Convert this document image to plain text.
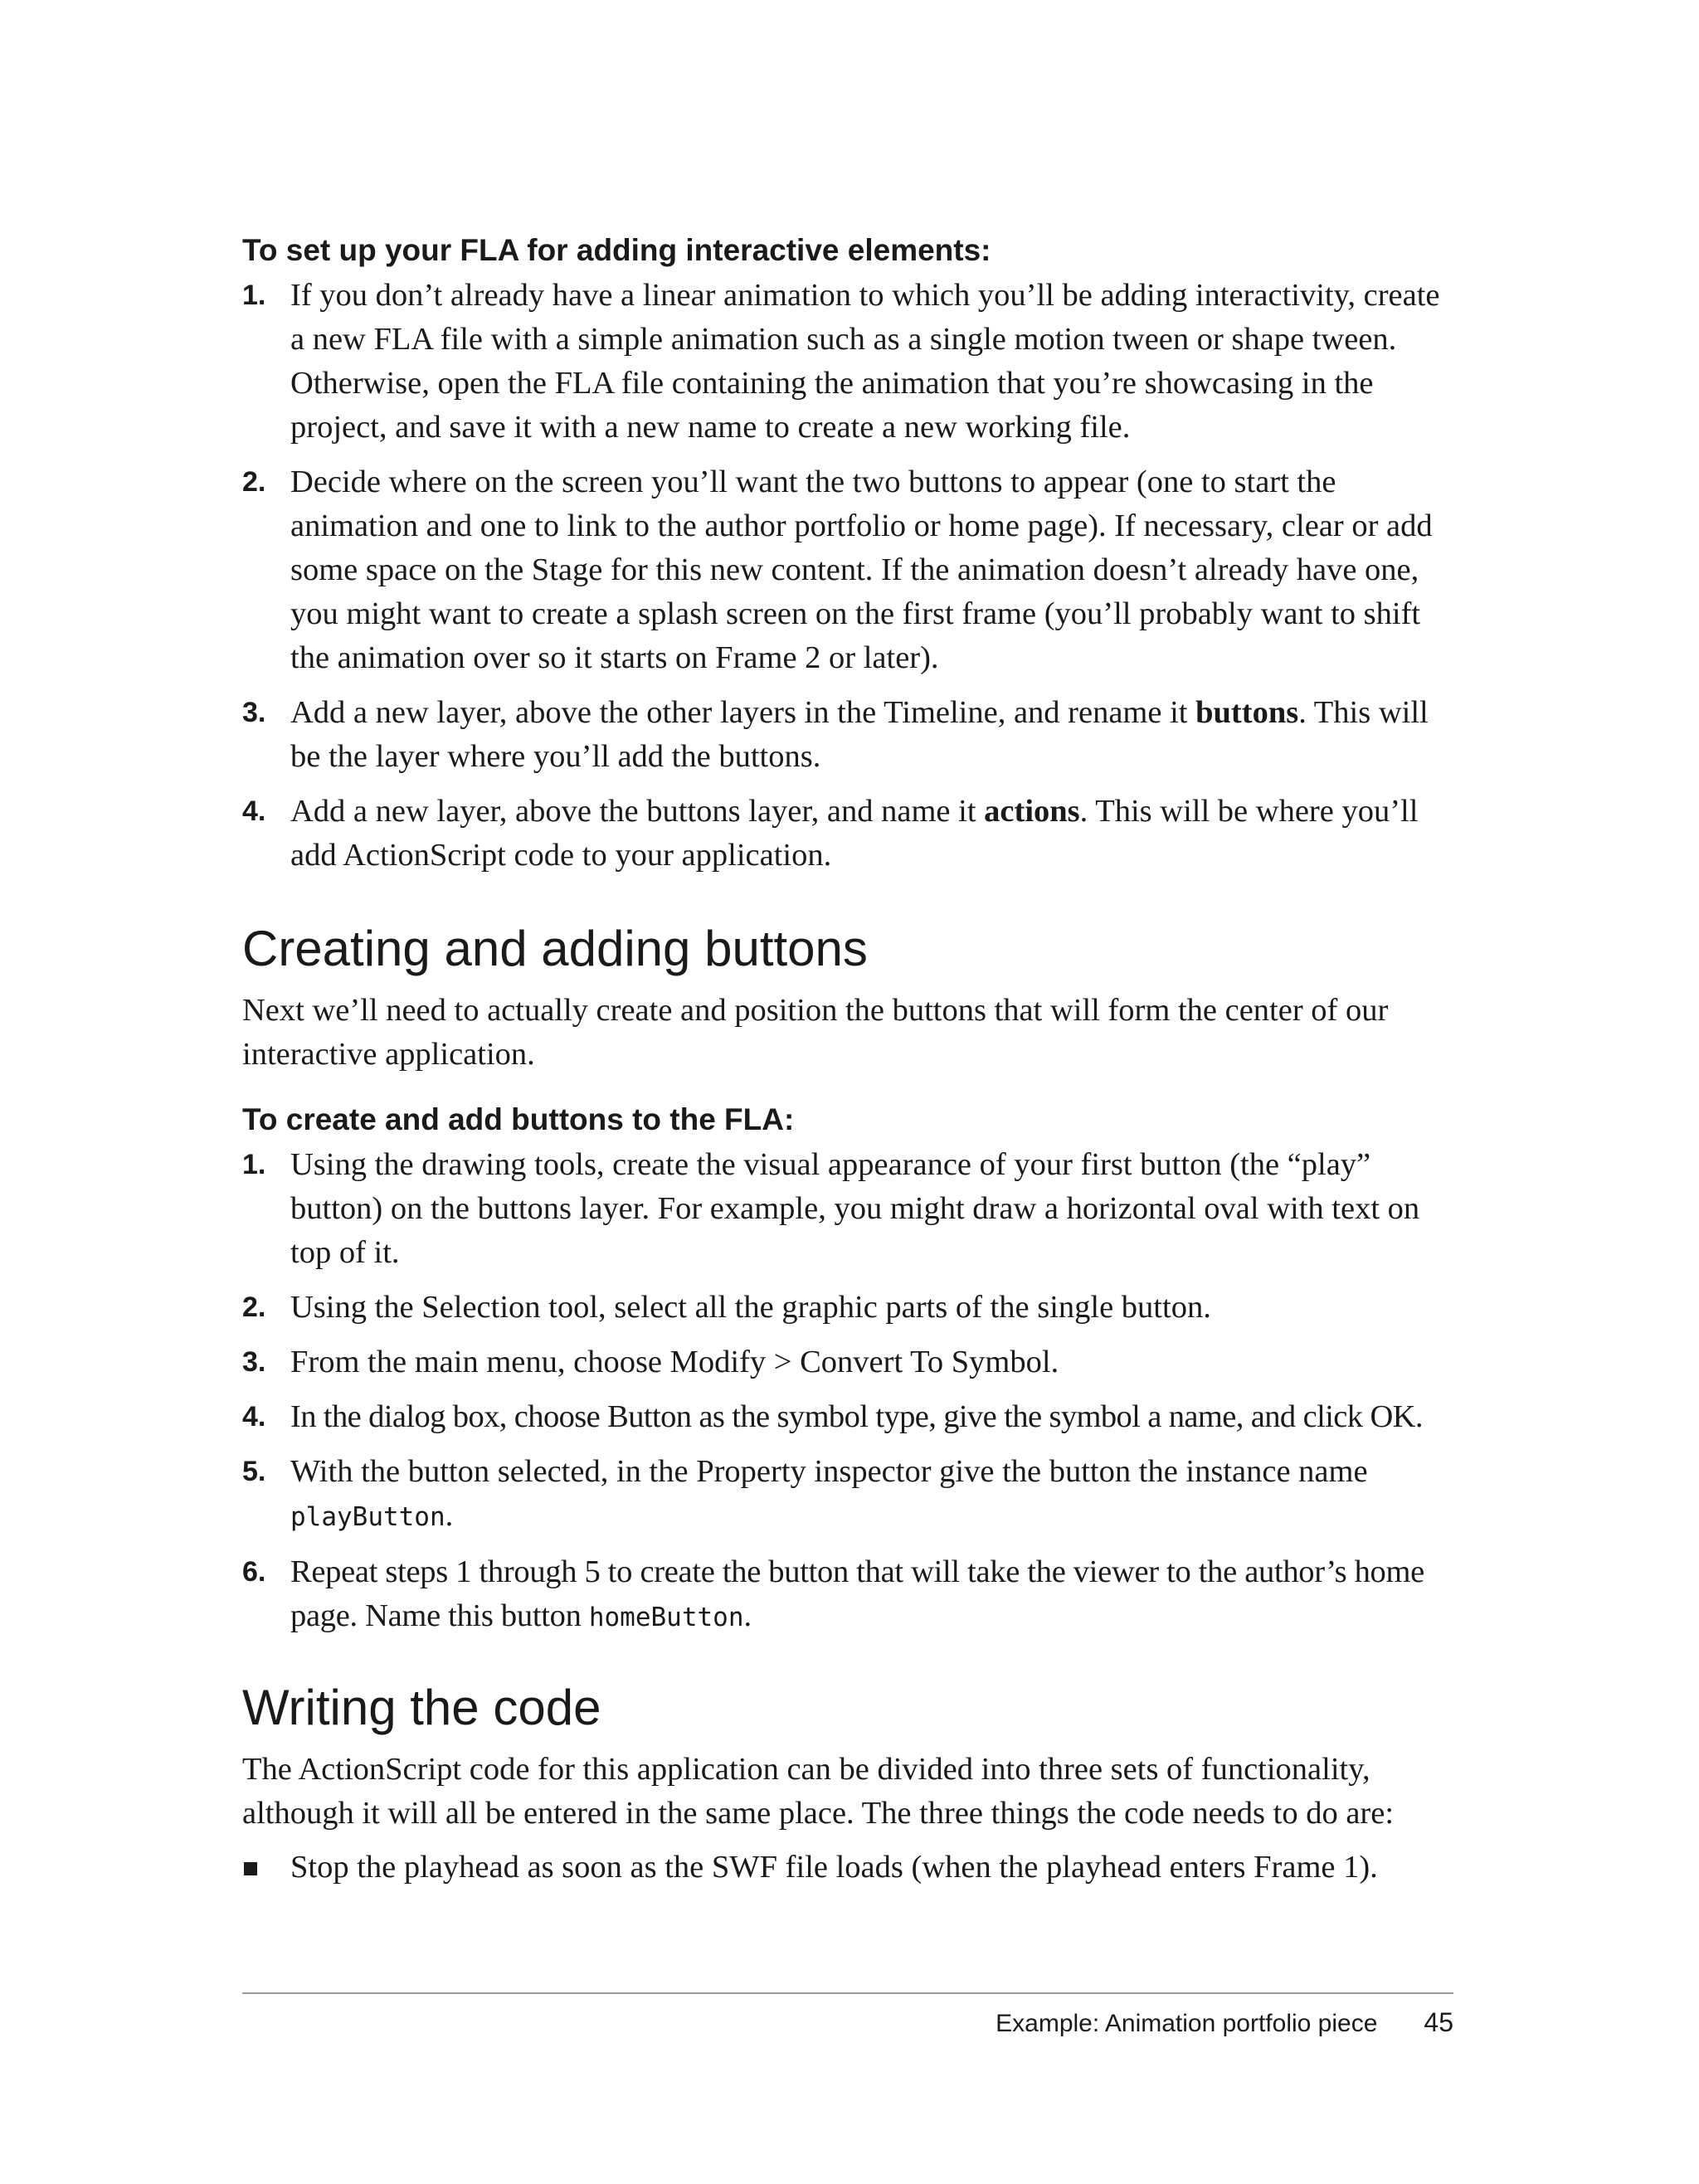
To set up your FLA for adding interactive elements:
1. If you don’t already have a linear animation to which you’ll be adding interactivity, create a new FLA file with a simple animation such as a single motion tween or shape tween. Otherwise, open the FLA file containing the animation that you’re showcasing in the project, and save it with a new name to create a new working file.
2. Decide where on the screen you’ll want the two buttons to appear (one to start the animation and one to link to the author portfolio or home page). If necessary, clear or add some space on the Stage for this new content. If the animation doesn’t already have one, you might want to create a splash screen on the first frame (you’ll probably want to shift the animation over so it starts on Frame 2 or later).
3. Add a new layer, above the other layers in the Timeline, and rename it buttons. This will be the layer where you’ll add the buttons.
4. Add a new layer, above the buttons layer, and name it actions. This will be where you’ll add ActionScript code to your application.
Creating and adding buttons

Next we’ll need to actually create and position the buttons that will form the center of our interactive application.

To create and add buttons to the FLA:
1. Using the drawing tools, create the visual appearance of your first button (the “play” button) on the buttons layer. For example, you might draw a horizontal oval with text on top of it.
2. Using the Selection tool, select all the graphic parts of the single button.
3. From the main menu, choose Modify > Convert To Symbol.
4. In the dialog box, choose Button as the symbol type, give the symbol a name, and click OK.
5. With the button selected, in the Property inspector give the button the instance name playButton.
6. Repeat steps 1 through 5 to create the button that will take the viewer to the author’s home page. Name this button homeButton.
Writing the code

The ActionScript code for this application can be divided into three sets of functionality, although it will all be entered in the same place. The three things the code needs to do are:

Stop the playhead as soon as the SWF file loads (when the playhead enters Frame 1).
Example: Animation portfolio piece 45
